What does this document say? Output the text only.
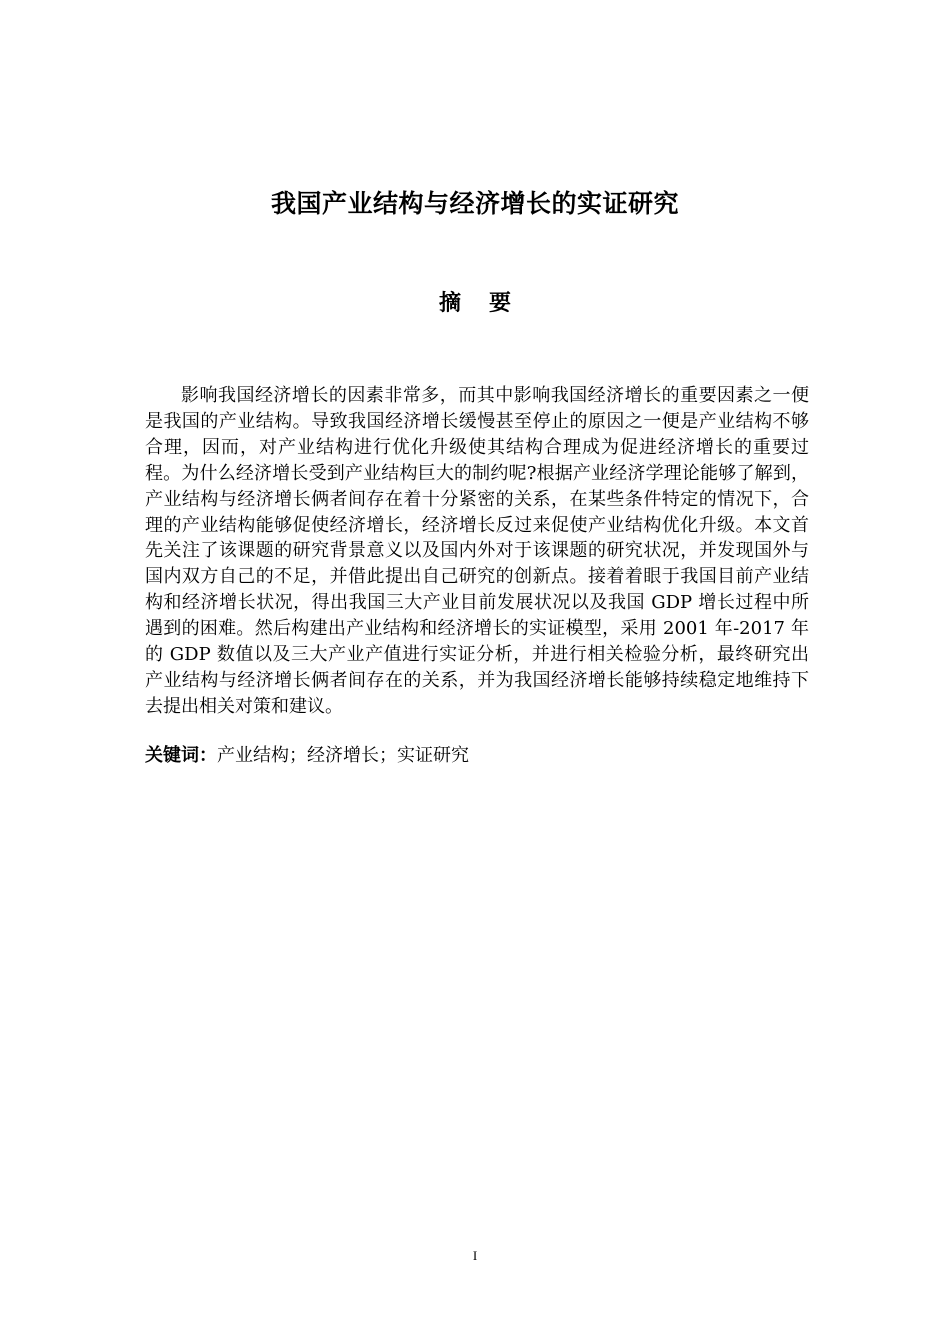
我国产业结构与经济增长的实证研究
摘要

影响我国经济增长的因素非常多，而其中影响我国经济增长的重要因素之一便是我国的产业结构。导致我国经济增长缓慢甚至停止的原因之一便是产业结构不够合理，因而，对产业结构进行优化升级使其结构合理成为促进经济增长的重要过程。为什么经济增长受到产业结构巨大的制约呢?根据产业经济学理论能够了解到，产业结构与经济增长俩者间存在着十分紧密的关系，在某些条件特定的情况下，合理的产业结构能够促使经济增长，经济增长反过来促使产业结构优化升级。本文首先关注了该课题的研究背景意义以及国内外对于该课题的研究状况，并发现国外与国内双方自己的不足，并借此提出自己研究的创新点。接着着眼于我国目前产业结构和经济增长状况，得出我国三大产业目前发展状况以及我国 GDP 增长过程中所遇到的困难。然后构建出产业结构和经济增长的实证模型，采用 2001 年-2017 年的 GDP 数值以及三大产业产值进行实证分析，并进行相关检验分析，最终研究出产业结构与经济增长俩者间存在的关系，并为我国经济增长能够持续稳定地维持下去提出相关对策和建议。

关键词：产业结构；经济增长；实证研究

I
